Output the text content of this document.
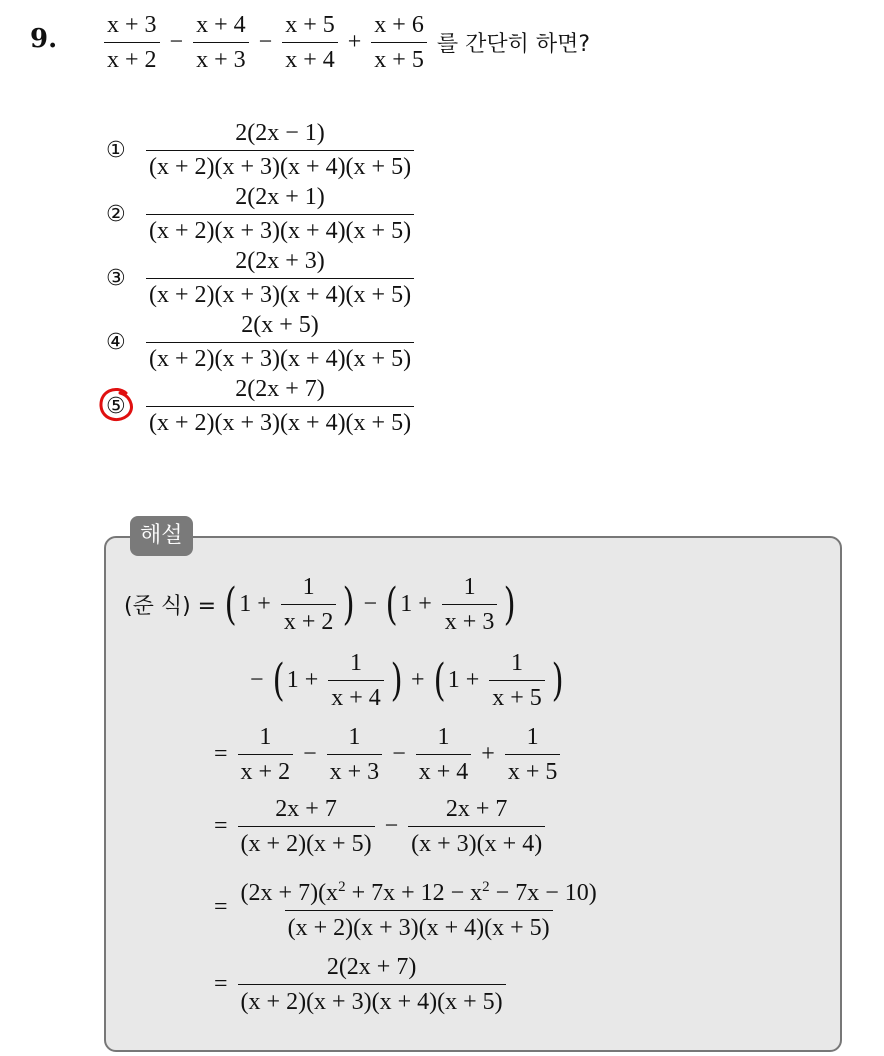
9. $\frac{x + 3}{x + 2} - \frac{x + 4}{x + 3} - \frac{x + 5}{x + 4} + \frac{x + 6}{x + 5}$ 를 간단히 하면?
① $\frac{2(2x - 1)}{(x + 2)(x + 3)(x + 4)(x + 5)}$
② $\frac{2(2x + 1)}{(x + 2)(x + 3)(x + 4)(x + 5)}$
③ $\frac{2(2x + 3)}{(x + 2)(x + 3)(x + 4)(x + 5)}$
④ $\frac{2(x + 5)}{(x + 2)(x + 3)(x + 4)(x + 5)}$
⑤ $\frac{2(2x + 7)}{(x + 2)(x + 3)(x + 4)(x + 5)}$
해설
(준 식) = ( $1 + \frac{1}{x + 2}$ ) − ( $1 + \frac{1}{x + 3}$ )
− ( $1 + \frac{1}{x + 4}$ ) + ( $1 + \frac{1}{x + 5}$ )
= $\frac{1}{x + 2} - \frac{1}{x + 3} - \frac{1}{x + 4} + \frac{1}{x + 5}$
= $\frac{2x + 7}{(x + 2)(x + 5)} - \frac{2x + 7}{(x + 3)(x + 4)}$
= $\frac{(2x + 7)(x^2 + 7x + 12 - x^2 - 7x - 10)}{(x + 2)(x + 3)(x + 4)(x + 5)}$
= $\frac{2(2x + 7)}{(x + 2)(x + 3)(x + 4)(x + 5)}$
